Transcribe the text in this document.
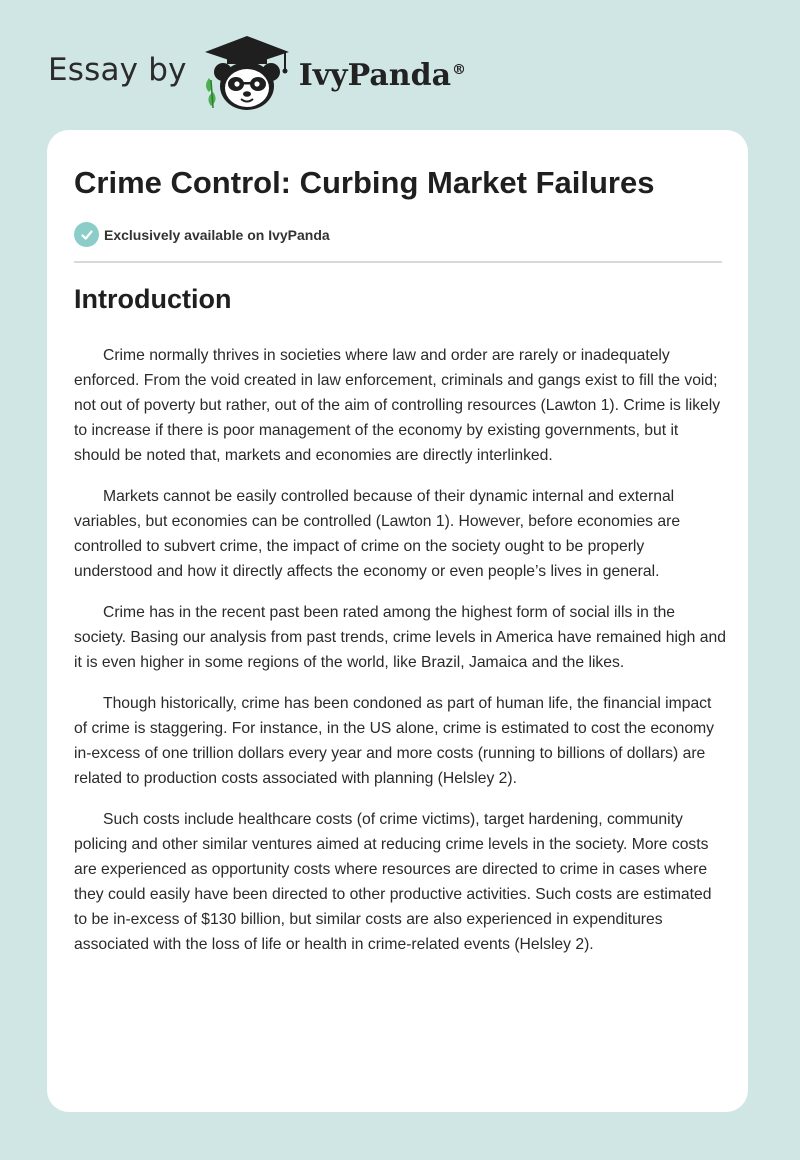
Essay by	IvyPanda®
Crime Control: Curbing Market Failures
Exclusively available on IvyPanda
Introduction

Crime normally thrives in societies where law and order are rarely or inadequately enforced. From the void created in law enforcement, criminals and gangs exist to fill the void; not out of poverty but rather, out of the aim of controlling resources (Lawton 1). Crime is likely to increase if there is poor management of the economy by existing governments, but it should be noted that, markets and economies are directly interlinked.

Markets cannot be easily controlled because of their dynamic internal and external variables, but economies can be controlled (Lawton 1). However, before economies are controlled to subvert crime, the impact of crime on the society ought to be properly understood and how it directly affects the economy or even people’s lives in general.

Crime has in the recent past been rated among the highest form of social ills in the society. Basing our analysis from past trends, crime levels in America have remained high and it is even higher in some regions of the world, like Brazil, Jamaica and the likes.

Though historically, crime has been condoned as part of human life, the financial impact of crime is staggering. For instance, in the US alone, crime is estimated to cost the economy in-excess of one trillion dollars every year and more costs (running to billions of dollars) are related to production costs associated with planning (Helsley 2).

Such costs include healthcare costs (of crime victims), target hardening, community policing and other similar ventures aimed at reducing crime levels in the society. More costs are experienced as opportunity costs where resources are directed to crime in cases where they could easily have been directed to other productive activities. Such costs are estimated to be in-excess of $130 billion, but similar costs are also experienced in expenditures associated with the loss of life or health in crime-related events (Helsley 2).
